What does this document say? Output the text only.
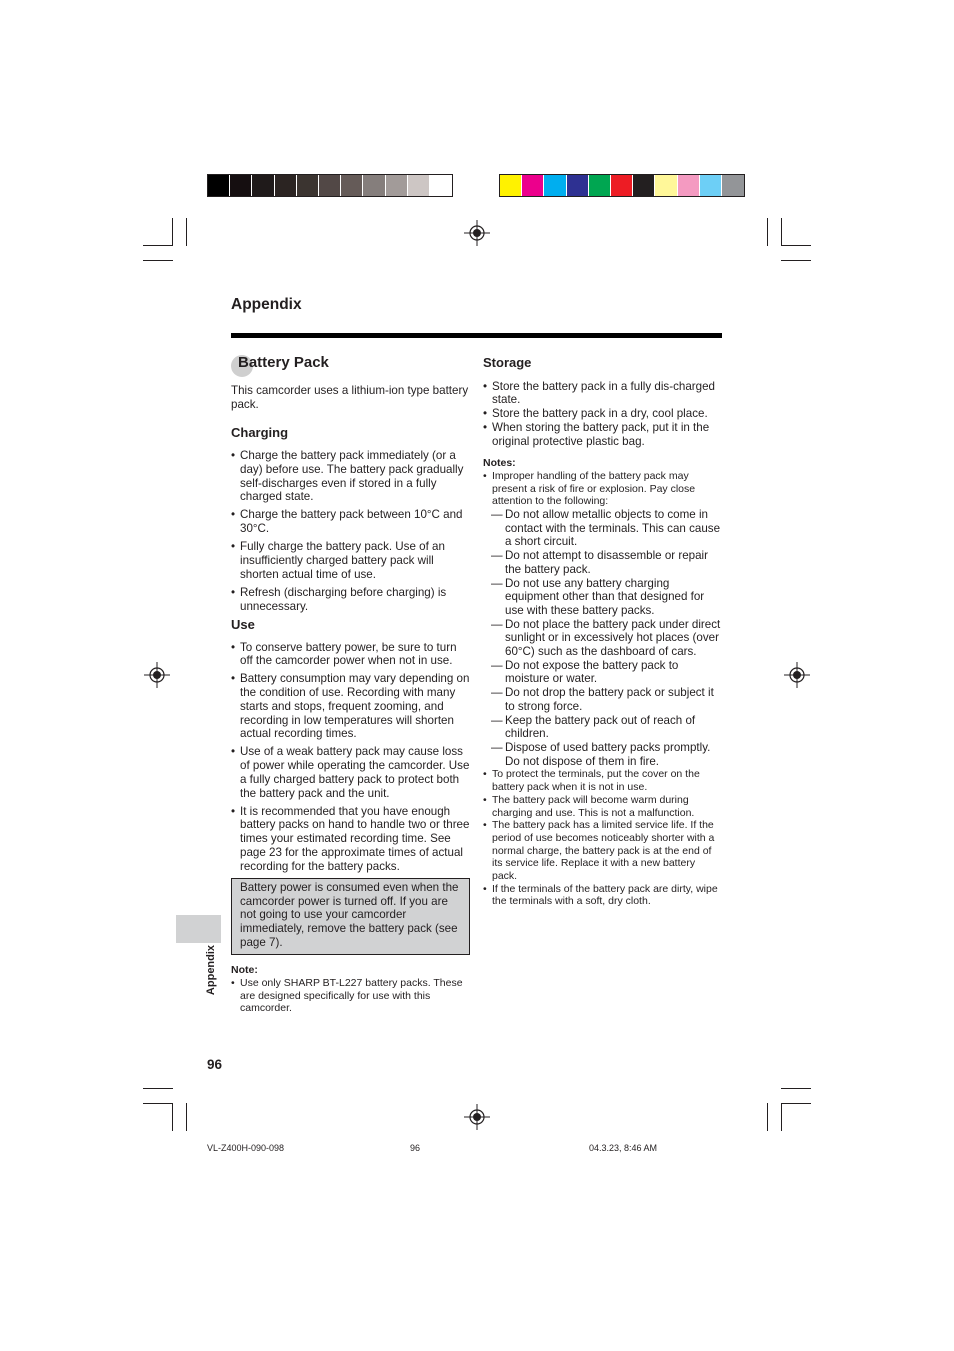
Appendix
Battery Pack

This camcorder uses a lithium-ion type battery pack.

Charging
• Charge the battery pack immediately (or a day) before use. The battery pack gradually self-discharges even if stored in a fully charged state.
• Charge the battery pack between 10°C and 30°C.
• Fully charge the battery pack. Use of an insufficiently charged battery pack will shorten actual time of use.
• Refresh (discharging before charging) is unnecessary.
Use
• To conserve battery power, be sure to turn off the camcorder power when not in use.
• Battery consumption may vary depending on the condition of use. Recording with many starts and stops, frequent zooming, and recording in low temperatures will shorten actual recording times.
• Use of a weak battery pack may cause loss of power while operating the camcorder. Use a fully charged battery pack to protect both the battery pack and the unit.
• It is recommended that you have enough battery packs on hand to handle two or three times your estimated recording time. See page 23 for the approximate times of actual recording for the battery packs.
Battery power is consumed even when the camcorder power is turned off. If you are not going to use your camcorder immediately, remove the battery pack (see page 7).

Note:

• Use only SHARP BT-L227 battery packs. These are designed specifically for use with this camcorder.
Storage
• Store the battery pack in a fully dis-charged state.
• Store the battery pack in a dry, cool place.
• When storing the battery pack, put it in the original protective plastic bag.

Notes:

• Improper handling of the battery pack may present a risk of fire or explosion. Pay close attention to the following:
— Do not allow metallic objects to come in contact with the terminals. This can cause a short circuit.
— Do not attempt to disassemble or repair the battery pack.
— Do not use any battery charging equipment other than that designed for use with these battery packs.
— Do not place the battery pack under direct sunlight or in excessively hot places (over 60°C) such as the dashboard of cars.
— Do not expose the battery pack to moisture or water.
— Do not drop the battery pack or subject it to strong force.
— Keep the battery pack out of reach of children.
— Dispose of used battery packs promptly. Do not dispose of them in fire.
• To protect the terminals, put the cover on the battery pack when it is not in use.
• The battery pack will become warm during charging and use. This is not a malfunction.
• The battery pack has a limited service life. If the period of use becomes noticeably shorter with a normal charge, the battery pack is at the end of its service life. Replace it with a new battery pack.
• If the terminals of the battery pack are dirty, wipe the terminals with a soft, dry cloth.
Appendix
96
VL-Z400H-090-098	96	04.3.23, 8:46 AM
